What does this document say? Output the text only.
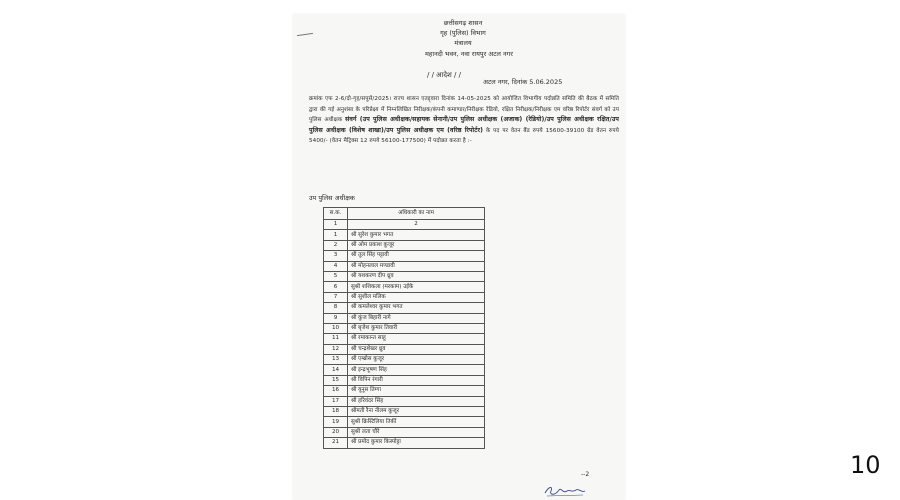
छत्तीसगढ़ शासन
गृह (पुलिस) विभाग
मंत्रालय
महानदी भवन, नवा रायपुर अटल नगर
/ / आदेश / /
अटल नगर, दिनांक 5.06.2025
क्रमांक एफ 2-6/दो-गृह/सपुसे/2025। राज्य शासन एतद्द्वारा दिनांक 14-05-2025 को आयोजित विभागीय पदोन्नति समिति की बैठक में समिति द्वारा की गई अनुशंसा के परिप्रेक्ष्य में निम्नलिखित निरीक्षक/कंपनी कमाण्डर/निरीक्षक रेडियो, रक्षित निरीक्षक/निरीक्षक एम वरिष्ठ रिपोर्टर संवर्ग को उप पुलिस अधीक्षक संवर्ग (उप पुलिस अधीक्षक/सहायक सेनानी/उप पुलिस अधीक्षक (अजाक) (रेडियो)/उप पुलिस अधीक्षक रक्षित/उप पुलिस अधीक्षक (विशेष शाखा)/उप पुलिस अधीक्षक एम (वरिष्ठ रिपोर्टर) के पद पर वेतन बैंड रुपये 15600-39100 ग्रेड वेतन रुपये 5400/- (वेतन मैट्रिक्स 12 रुपये 56100-177500) में पदोन्नत करता है :-
उप पुलिस अधीक्षक
स.क.	अधिकारी का नाम
1	2
1	श्री सुरेश कुमार भगत
2	श्री ओम प्रकाश कुजूर
3	श्री तुल सिंह पट्टावी
4	श्री मोहनलाल मण्डावी
5	श्री यशकरण दीप ध्रुव
6	सुश्री शशिकला (मरकाम) उईके
7	श्री सुशील मलिक
8	श्री कमलेश्वर कुमार भगत
9	श्री कुंज बिहारी नागे
10	श्री बृजेश कुमार तिवारी
11	श्री रमाकान्त साहू
12	श्री चन्द्रशेखर ध्रुव
13	श्री एम्ब्रोस कुजूर
14	श्री इन्द्रभूषण सिंह
15	श्री विपिन रंगारी
16	श्री यूनूस तिग्गा
17	श्री हरिवंदर सिंह
18	श्रीमती रैना नीलम कुजूर
19	सुश्री क्रिस्टिलिया तिर्की
20	सुश्री लता चौरे
21	श्री प्रमोद कुमार किस्पोट्टा
--2	10
